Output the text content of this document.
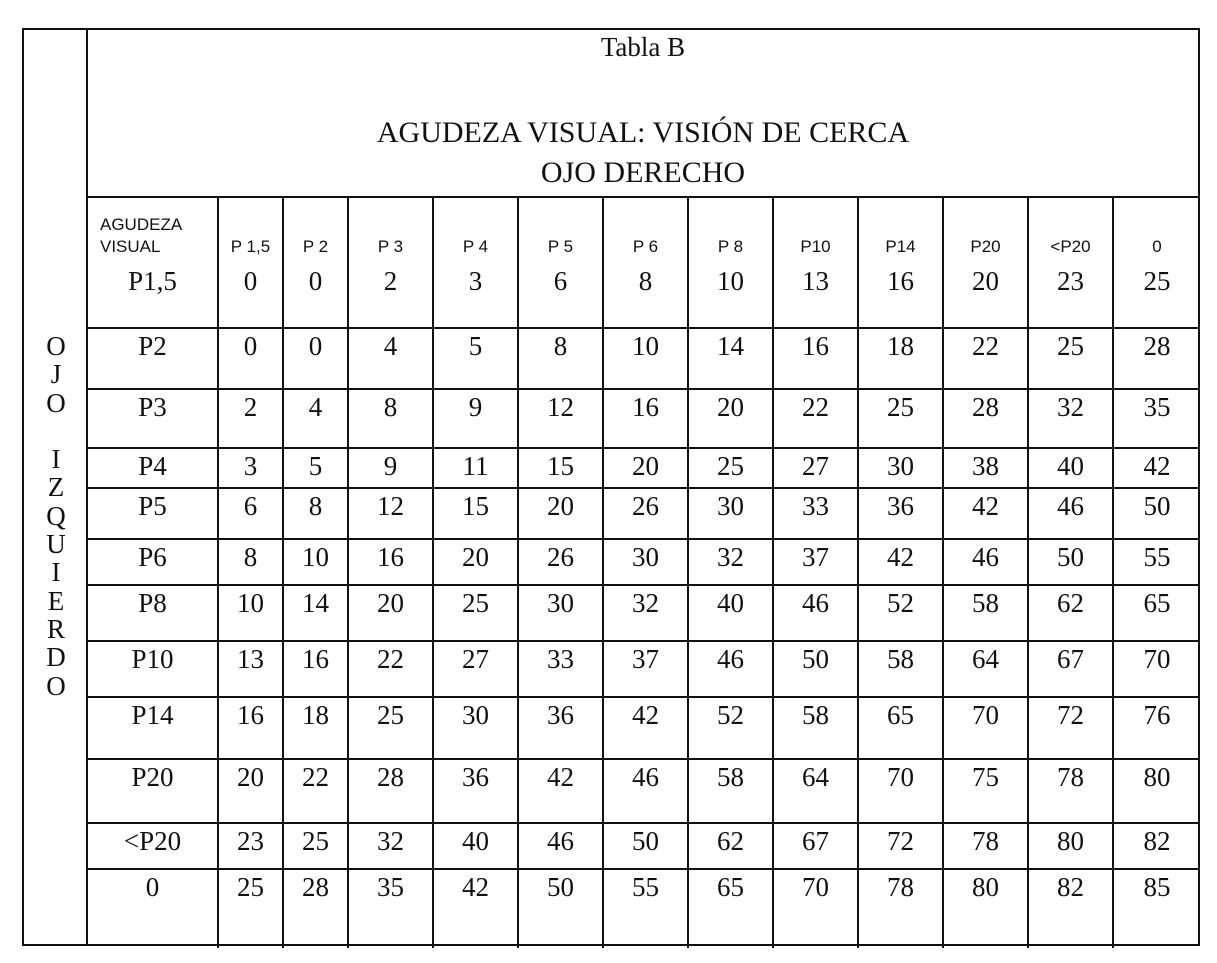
O
J
O

I
Z
Q
U
I
E
R
D
O
Tabla B
AGUDEZA VISUAL: VISIÓN DE CERCA
OJO DERECHO
AGUDEZA
VISUAL	P 1,5	P 2	P 3	P 4	P 5	P 6	P 8	P10	P14	P20	<P20	0

P1,5	0	0	2	3	6	8	10	13	16	20	23	25

P2	0	0	4	5	8	10	14	16	18	22	25	28

P3	2	4	8	9	12	16	20	22	25	28	32	35

P4	3	5	9	11	15	20	25	27	30	38	40	42

P5	6	8	12	15	20	26	30	33	36	42	46	50

P6	8	10	16	20	26	30	32	37	42	46	50	55

P8	10	14	20	25	30	32	40	46	52	58	62	65

P10	13	16	22	27	33	37	46	50	58	64	67	70

P14	16	18	25	30	36	42	52	58	65	70	72	76

P20	20	22	28	36	42	46	58	64	70	75	78	80

<P20	23	25	32	40	46	50	62	67	72	78	80	82

0	25	28	35	42	50	55	65	70	78	80	82	85
